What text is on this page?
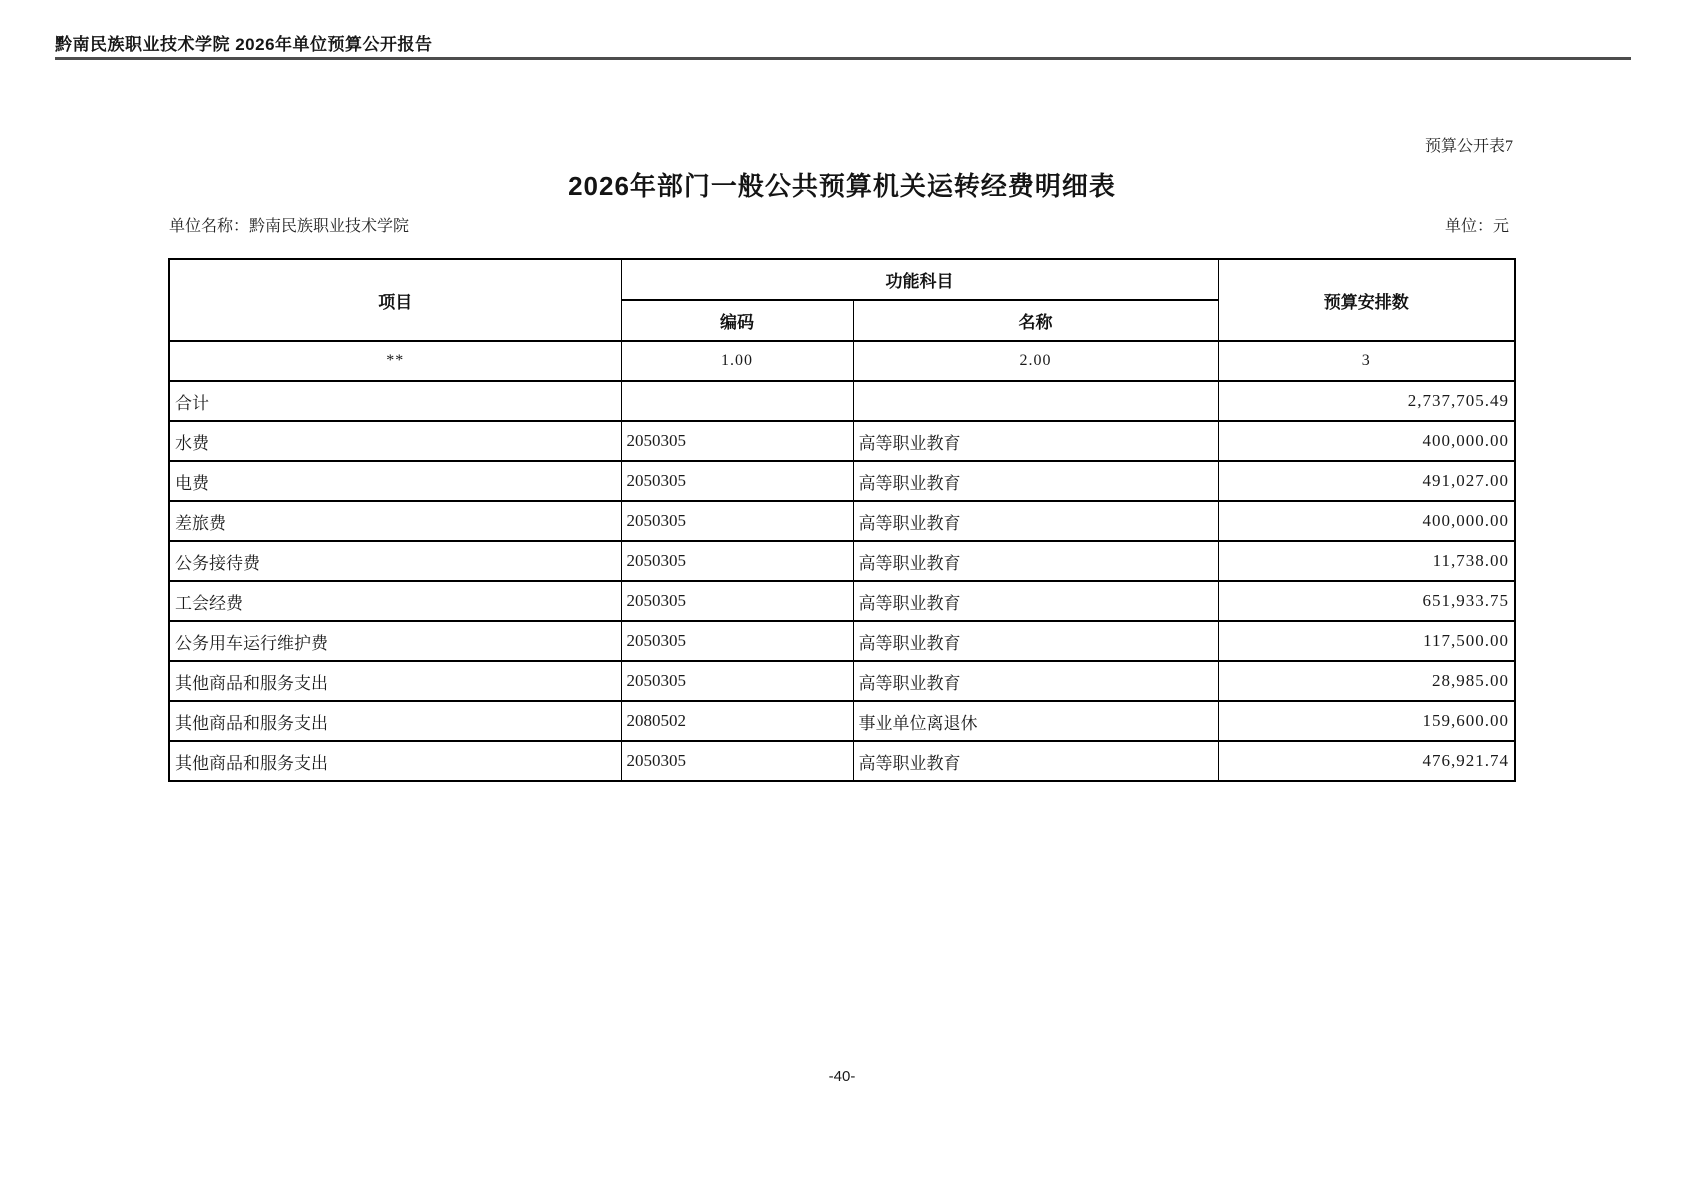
黔南民族职业技术学院 2026年单位预算公开报告
预算公开表7
2026年部门一般公共预算机关运转经费明细表
单位名称：黔南民族职业技术学院	单位：元
项目	功能科目		预算安排数
	编码	名称	
**	1.00	2.00	3
合计			2,737,705.49
水费	2050305	高等职业教育	400,000.00
电费	2050305	高等职业教育	491,027.00
差旅费	2050305	高等职业教育	400,000.00
公务接待费	2050305	高等职业教育	11,738.00
工会经费	2050305	高等职业教育	651,933.75
公务用车运行维护费	2050305	高等职业教育	117,500.00
其他商品和服务支出	2050305	高等职业教育	28,985.00
其他商品和服务支出	2080502	事业单位离退休	159,600.00
其他商品和服务支出	2050305	高等职业教育	476,921.74
-40-
